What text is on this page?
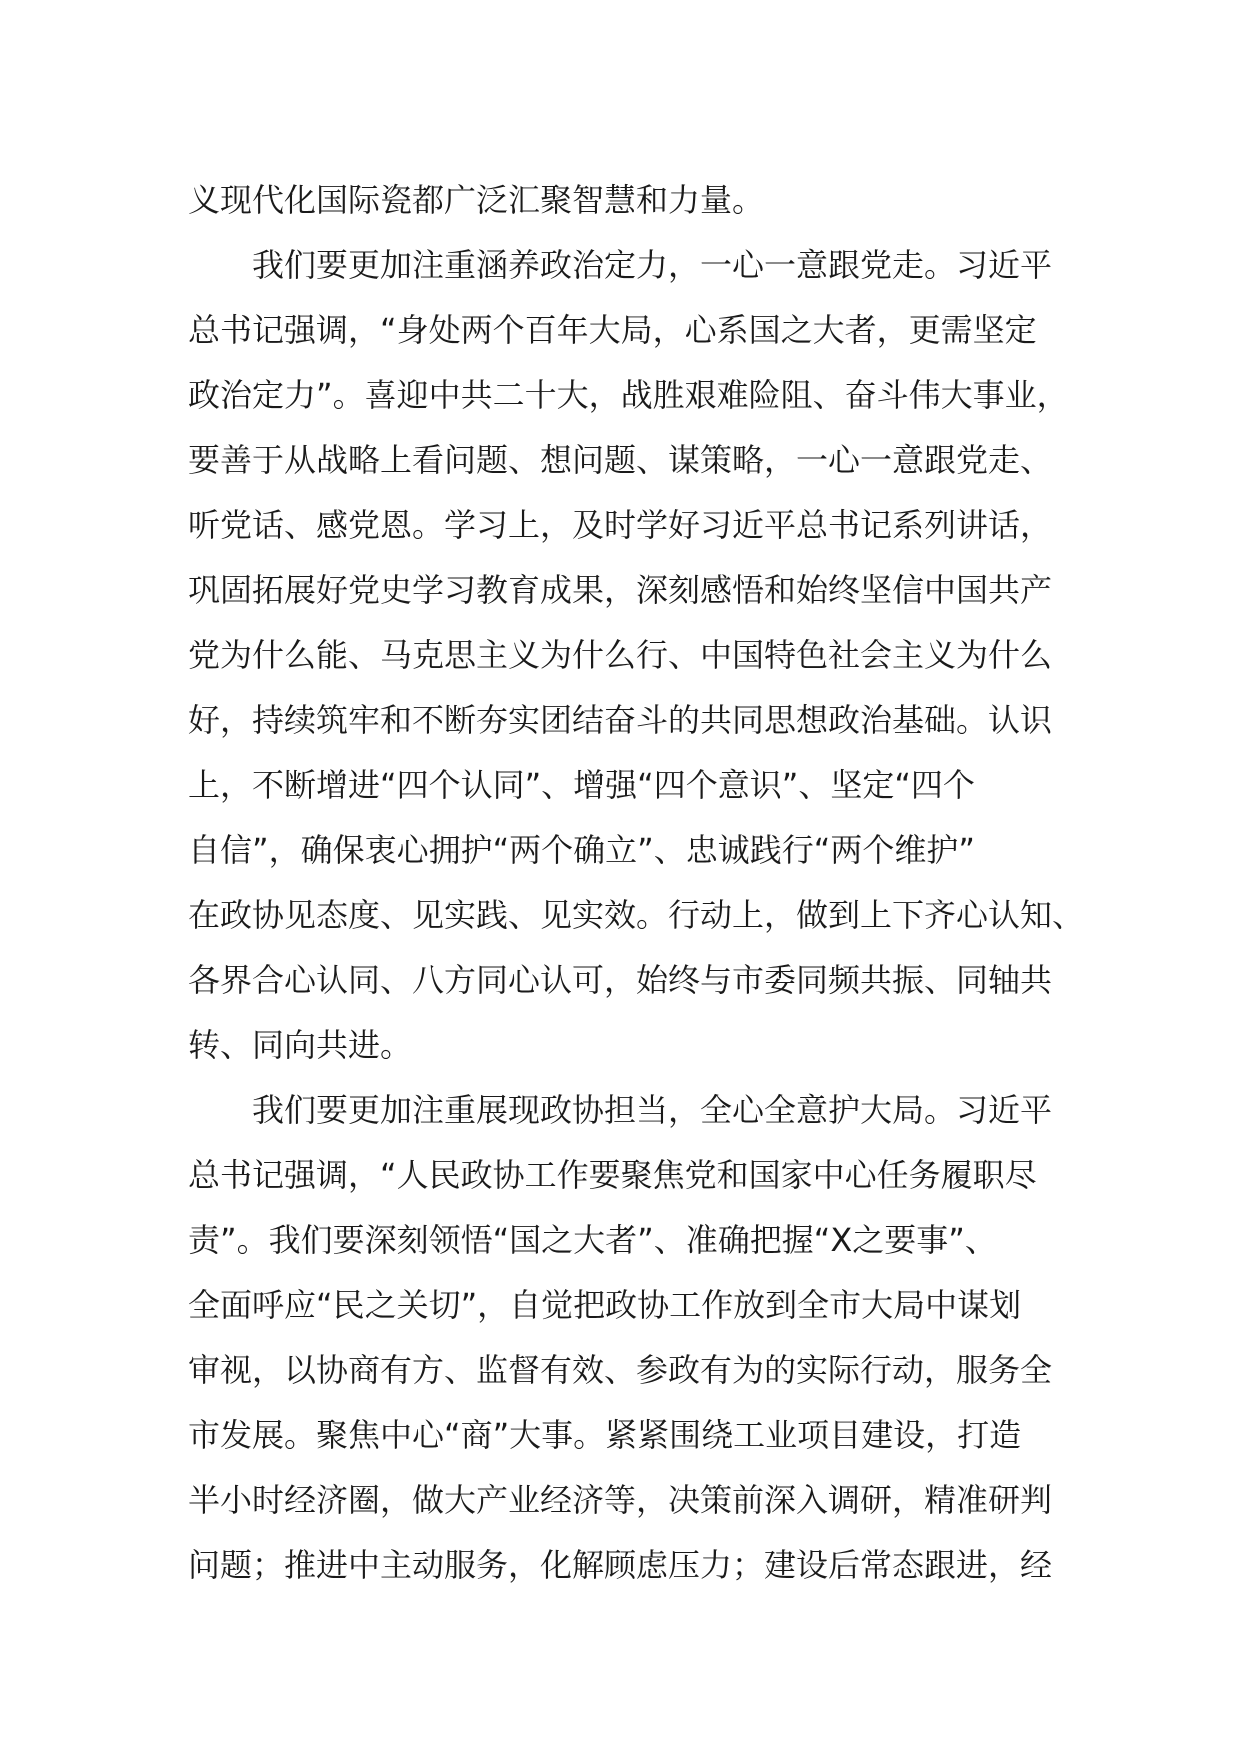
义现代化国际瓷都广泛汇聚智慧和力量。
我们要更加注重涵养政治定力，一心一意跟党走。习近平
总书记强调，“身处两个百年大局，心系国之大者，更需坚定
政治定力”。喜迎中共二十大，战胜艰难险阻、奋斗伟大事业，
要善于从战略上看问题、想问题、谋策略，一心一意跟党走、
听党话、感党恩。学习上，及时学好习近平总书记系列讲话，
巩固拓展好党史学习教育成果，深刻感悟和始终坚信中国共产
党为什么能、马克思主义为什么行、中国特色社会主义为什么
好，持续筑牢和不断夯实团结奋斗的共同思想政治基础。认识
上，不断增进“四个认同”、增强“四个意识”、坚定“四个
自信”，确保衷心拥护“两个确立”、忠诚践行“两个维护”
在政协见态度、见实践、见实效。行动上，做到上下齐心认知、
各界合心认同、八方同心认可，始终与市委同频共振、同轴共
转、同向共进。
我们要更加注重展现政协担当，全心全意护大局。习近平
总书记强调，“人民政协工作要聚焦党和国家中心任务履职尽
责”。我们要深刻领悟“国之大者”、准确把握“X之要事”、
全面呼应“民之关切”，自觉把政协工作放到全市大局中谋划
审视，以协商有方、监督有效、参政有为的实际行动，服务全
市发展。聚焦中心“商”大事。紧紧围绕工业项目建设，打造
半小时经济圈，做大产业经济等，决策前深入调研，精准研判
问题；推进中主动服务，化解顾虑压力；建设后常态跟进，经
